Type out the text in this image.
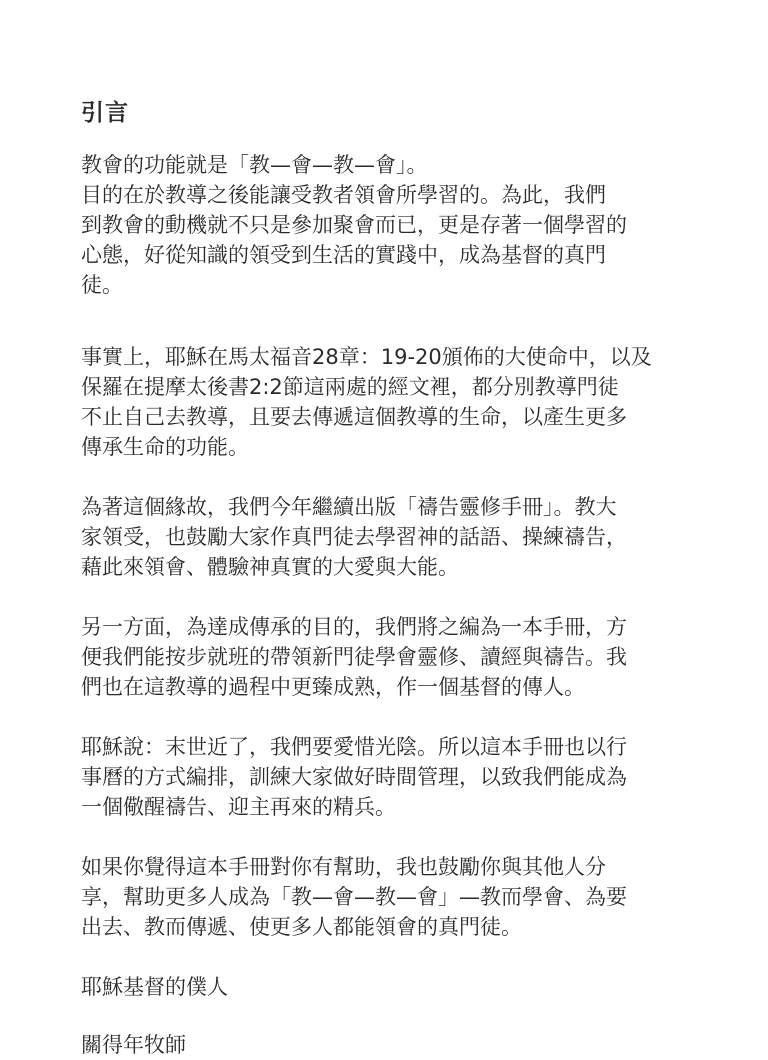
引言

教會的功能就是「教—會—教—會」。

目的在於教導之後能讓受教者領會所學習的。為此，我們
到教會的動機就不只是參加聚會而已，更是存著一個學習的
心態，好從知識的領受到生活的實踐中，成為基督的真門
徒。

事實上，耶穌在馬太福音28章：19-20頒佈的大使命中，以及
保羅在提摩太後書2:2節這兩處的經文裡，都分別教導門徒
不止自己去教導，且要去傳遞這個教導的生命，以產生更多
傳承生命的功能。

為著這個緣故，我們今年繼續出版「禱告靈修手冊」。教大
家領受，也鼓勵大家作真門徒去學習神的話語、操練禱告，
藉此來領會、體驗神真實的大愛與大能。

另一方面，為達成傳承的目的，我們將之編為一本手冊，方
便我們能按步就班的帶領新門徒學會靈修、讀經與禱告。我
們也在這教導的過程中更臻成熟，作一個基督的傳人。

耶穌說：末世近了，我們要愛惜光陰。所以這本手冊也以行
事曆的方式編排，訓練大家做好時間管理，以致我們能成為
一個儆醒禱告、迎主再來的精兵。

如果你覺得這本手冊對你有幫助，我也鼓勵你與其他人分
享，幫助更多人成為「教—會—教—會」—教而學會、為要
出去、教而傳遞、使更多人都能領會的真門徒。

耶穌基督的僕人

關得年牧師
